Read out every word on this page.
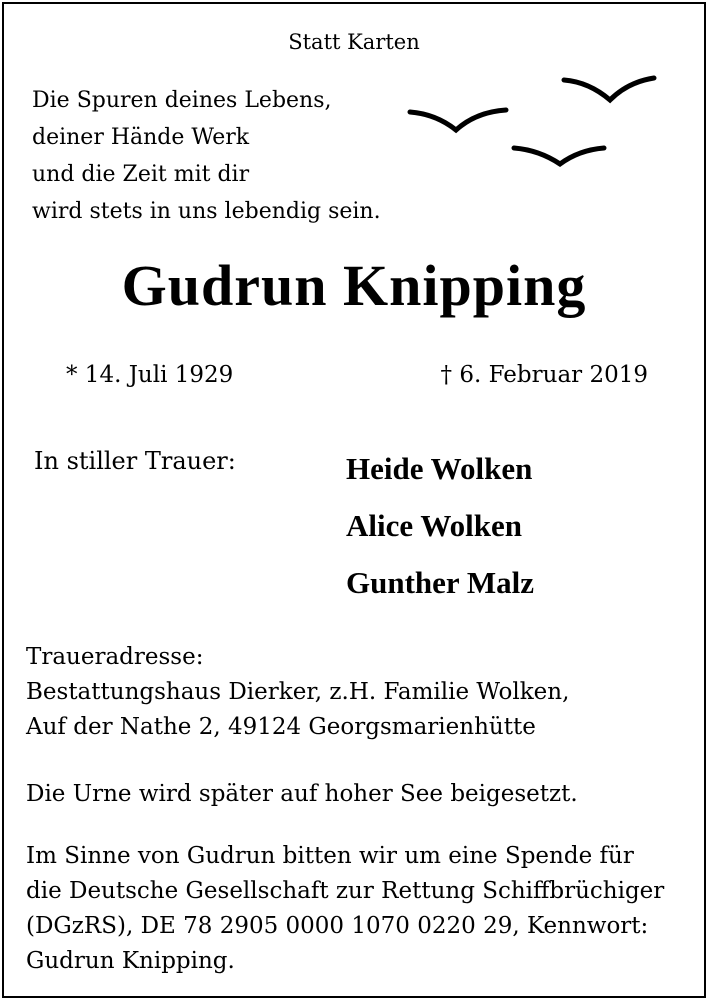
Statt Karten
Die Spuren deines Lebens,
deiner Hände Werk
und die Zeit mit dir
wird stets in uns lebendig sein.
Gudrun Knipping
* 14. Juli 1929	† 6. Februar 2019
In stiller Trauer:	Heide Wolken
Alice Wolken
Gunther Malz
Traueradresse:
Bestattungshaus Dierker, z.H. Familie Wolken,
Auf der Nathe 2, 49124 Georgsmarienhütte
Die Urne wird später auf hoher See beigesetzt.
Im Sinne von Gudrun bitten wir um eine Spende für
die Deutsche Gesellschaft zur Rettung Schiffbrüchiger
(DGzRS), DE 78 2905 0000 1070 0220 29, Kennwort:
Gudrun Knipping.
